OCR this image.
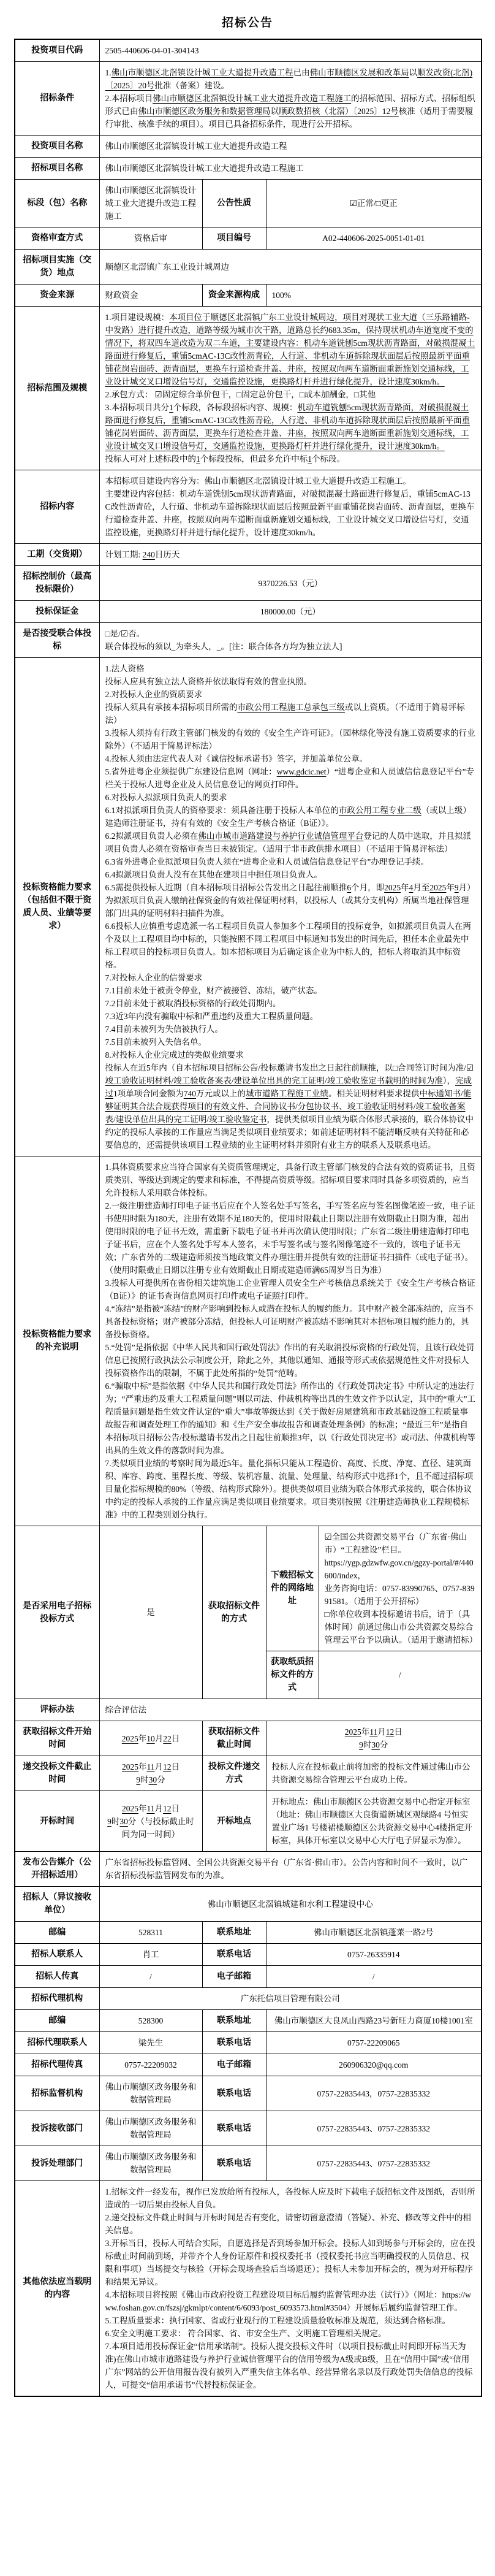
招标公告
投资项目代码	2505-440606-04-01-304143			
招标条件	1.佛山市顺德区北滘镇设计城工业大道提升改造工程已由佛山市顺德区发展和改革局以顺发改资(北滘)〔2025〕20号批准（备案）建设。
2.本招标项目佛山市顺德区北滘镇设计城工业大道提升改造工程施工的招标范围、招标方式、招标组织形式已由佛山市顺德区政务服务和数据管理局以顺政数招核（北滘）〔2025〕12号核准（适用于需要履行审批、核准手续的项目）。项目已具备招标条件，现进行公开招标。			
投资项目名称	佛山市顺德区北滘镇设计城工业大道提升改造工程			
招标项目名称	佛山市顺德区北滘镇设计城工业大道提升改造工程施工			
标段（包）名称	佛山市顺德区北滘镇设计城工业大道提升改造工程施工	公告性质	☑正常/□更正	
资格审查方式	资格后审	项目编号	A02-440606-2025-0051-01-01	
招标项目实施（交货）地点	顺德区北滘镇广东工业设计城周边			
资金来源	财政资金	资金来源构成	100%	
招标范围及规模	1.项目建设规模：本项目位于顺德区北滘镇广东工业设计城周边，项目对现状工业大道（三乐路辅路-中发路）进行提升改造，道路等级为城市次干路，道路总长约683.35m，保持现状机动车道宽度不变的情况下，将双四车道改造为双二车道，主要建设内容：机动车道铣刨5cm现状沥青路面，对破损混凝土路面进行修复后，重铺5cmAC-13C改性沥青砼，人行道、非机动车道拆除现状面层后按照最新平面重铺花岗岩面砖、沥青面层，更换车行道检查井盖、井座，按照双向两车道断面重新施划交通标线，工业设计城交叉口增设信号灯，交通监控设施，更换路灯杆并进行绿化提升，设计速度30km/h。
2.承包方式： ☑固定综合单价包干，□固定总价包干，□成本加酬金，□其他
3.本招标项目共分1个标段，各标段招标内容、规模：机动车道铣刨5cm现状沥青路面，对破损混凝土路面进行修复后，重铺5cmAC-13C改性沥青砼，人行道、非机动车道拆除现状面层后按照最新平面重铺花岗岩面砖、沥青面层，更换车行道检查井盖、井座，按照双向两车道断面重新施划交通标线，工业设计城交叉口增设信号灯，交通监控设施，更换路灯杆并进行绿化提升，设计速度30km/h。
投标人可对上述标段中的1个标段投标，但最多允许中标1个标段。			
招标内容	本招标项目建设内容分为：佛山市顺德区北滘镇设计城工业大道提升改造工程施工。
主要建设内容包括：机动车道铣刨5cm现状沥青路面，对破损混凝土路面进行修复后，重铺5cmAC-13C改性沥青砼，人行道、非机动车道拆除现状面层后按照最新平面重铺花岗岩面砖、沥青面层，更换车行道检查井盖、井座，按照双向两车道断面重新施划交通标线，工业设计城交叉口增设信号灯，交通监控设施，更换路灯杆并进行绿化提升，设计速度30km/h。			
工期（交货期）	计划工期: 240日历天			
招标控制价（最高投标限价）	9370226.53（元）			
投标保证金	180000.00（元）			
是否接受联合体投标	□是/☑否。
联合体投标的须以_为牵头人，_。[注：联合体各方均为独立法人]			
投标资格能力要求（包括但不限于资质人员、业绩等要求）	1.法人资格
投标人应具有独立法人资格并依法取得有效的营业执照。
2.对投标人企业的资质要求
投标人须具有承接本招标项目所需的市政公用工程施工总承包三级或以上资质。（不适用于简易评标法）
3.投标人须持有行政主管部门核发的有效的《安全生产许可证》。（园林绿化等没有施工资质要求的行业除外）（不适用于简易评标法）
4.投标人须由法定代表人对《诚信投标承诺书》签字，并加盖单位公章。
5.省外进粤企业须提供广东建设信息网（网址：www.gdcic.net）“进粤企业和人员诚信信息登记平台”专栏关于投标人进粤企业及人员信息登记的网页打印件。
6.对投标人拟派项目负责人的要求
6.1对拟派项目负责人的资格要求：须具备注册于投标人本单位的市政公用工程专业二级（或以上级）建造师注册证书，持有有效的《安全生产考核合格证（B证）》。
6.2拟派项目负责人必须在佛山市城市道路建设与养护行业诚信管理平台登记的人员中选取，并且拟派项目负责人必须在资格审查当日未被锁定。（适用于非市政供排水项目）（不适用于简易评标法）
6.3省外进粤企业拟派项目负责人须在“进粤企业和人员诚信信息登记平台”办理登记手续。
6.4拟派项目负责人没有在其他在建项目中担任项目负责人。
6.5需提供投标人近期（自本招标项目招标公告发出之日起往前顺推6个月，即2025年4月至2025年9月）为拟派项目负责人缴纳社保资金的有效社保证明材料，以投标人（或其分支机构）所属当地社保管理部门出具的证明材料扫描件为准。
6.6投标人应慎重考虑选派一名工程项目负责人参加多个工程项目的投标竞争，如拟派项目负责人在两个及以上工程项目均中标的，只能按照不同工程项目中标通知书发出的时间先后，担任本企业最先中标工程项目的投标项目负责人。如本招标项目为后确定该企业为中标人的，招标人将取消其中标资格。
7.对投标人企业的信誉要求
7.1目前未处于被责令停业，财产被接管、冻结，破产状态。
7.2目前未处于被取消投标资格的行政处罚期内。
7.3近3年内没有骗取中标和严重违约及重大工程质量问题。
7.4目前未被列为失信被执行人。
7.5目前未被列入失信名单。
8.对投标人企业完成过的类似业绩要求
投标人在近5年内（自本招标项目招标公告/投标邀请书发出之日起往前顺推，以□合同签订时间为准/☑竣工验收证明材料/竣工验收备案表/建设单位出具的完工证明/竣工验收鉴定书载明的时间为准），完成过1项单项合同金额为740万元或以上的城市道路工程施工业绩。相关证明材料要求提供中标通知书/能够证明其合法合规获得项目的有效文件、合同协议书/分包协议书、竣工验收证明材料/竣工验收备案表/建设单位出具的完工证明/竣工验收鉴定书，提供类似项目业绩为联合体形式承接的，联合体协议中约定的投标人承接的工作量应当满足类似项目业绩要求；如前述证明材料不能清晰反映有关特征和必要信息的，还需提供该项目工程业绩的业主证明材料并须附有业主方的联系人及联系电话。
投标资格能力要求的补充说明	1.具体资质要求应当符合国家有关资质管理规定，具备行政主管部门核发的合法有效的资质证书，且资质类别、等级达到规定的要求和标准，不得提高资质等级。招标项目要求同时具备多项资质的，应当允许投标人采用联合体投标。
2.一级注册建造师打印电子证书后应在个人签名处手写签名，手写签名应与签名图像笔迹一致，电子证书使用时限为180天，注册有效期不足180天的，使用时限截止日期以注册有效期截止日期为准，超出使用时限的电子证书无效，需重新下载电子证书并再次确认使用时限；广东省二级注册建造师打印电子证书后，应在个人签名处手写本人签名，未手写签名或与签名图像笔迹不一致的，该电子证书无效；广东省外的二级建造师须按当地政策文件办理注册并提供有效的注册证书扫描件（或电子证书）。（使用时限截止日期以注册专业有效期截止日期或建造师满65周岁当日为准）
3.投标人可提供所在省份相关建筑施工企业管理人员安全生产考核信息系统关于《安全生产考核合格证（B证）》的证书查询信息网页打印件或电子证照打印件。
4.“冻结”是指被“冻结”的财产影响到投标人或潜在投标人的履约能力。其中财产被全部冻结的，应当不具备投标资格；财产被部分冻结，但投标人可证明财产被冻结不影响其对本招标项目履约能力的，具备投标资格。
5.“处罚”是指依据《中华人民共和国行政处罚法》作出的有关取消投标资格的行政处罚，且该行政处罚信息已按照行政执法公示制度公开，除此之外，其他以通知、通报等形式或依据规范性文件对投标人投标资格作出的限制，不属于此处所指的“处罚”范畴。
6.“骗取中标”是指依据《中华人民共和国行政处罚法》所作出的《行政处罚决定书》中所认定的违法行为；“严重违约及重大工程质量问题”则以司法、仲裁机构等出具的生效文件予以认定，其中的“重大”工程质量问题是指生效文件认定的“重大”事故等级达到《关于做好房屋建筑和市政基础设施工程质量事故报告和调查处理工作的通知》和《生产安全事故报告和调查处理条例》的标准；“最近三年”是指自本招标项目招标公告/投标邀请书发出之日起往前顺推3年，以《行政处罚决定书》或司法、仲裁机构等出具的生效文件的落款时间为准。
7.类似项目业绩的考察时间为最近5年。量化指标只能从工程造价、高度、长度、净宽、直径、建筑面积、库容、跨度、里程长度、等级、装机容量、流量、处理量、结构形式中选择1个，且不超过招标项目量化指标规模的80%（等级、结构形式除外）。提供类似项目业绩为联合体形式承接的，联合体协议中约定的投标人承接的工作量应满足类似项目业绩要求。项目类别按照《注册建造师执业工程规模标准》中的工程类别划分执行。
是否采用电子招标投标方式	是	获取招标文件的方式	下载招标文件的网络地址	☑全国公共资源交易平台（广东省·佛山市）“工程建设”栏目。
https://ygp.gdzwfw.gov.cn/ggzy-portal/#/440600/index，
业务咨询电话：0757-83990765、0757-83991581。（适用于公开招标）
□你单位收到本投标邀请书后，请于（具体时间）前通过佛山市公共资源交易综合管理云平台予以确认。（适用于邀请招标）
			获取纸质招标文件的方式	/
评标办法	综合评估法			
获取招标文件开始时间	2025年10月22日	获取招标文件截止时间	2025年11月12日
9时30分	
递交投标文件截止时间	2025年11月12日
9时30分	投标文件递交方式	投标人应在投标截止前将加密的投标文件通过佛山市公共资源交易综合管理云平台成功上传。	
开标时间	2025年11月12日
9时30分（与投标截止时间为同一时间）	开标地点	开标地点：佛山市顺德区公共资源交易中心指定开标室（地址：佛山市顺德区大良街道新城区观绿路4 号恒实置业广场1 号楼裙楼顺德区公共资源交易中心4楼指定开标室，具体开标室以交易中心大厅电子屏显示为准）。	
发布公告媒介（公开招标适用）	广东省招标投标监管网、全国公共资源交易平台（广东省·佛山市）。公告内容和时间不一致时，以广东省招标投标监管网发布的为准。			
招标人（异议接收单位）	佛山市顺德区北滘镇城建和水利工程建设中心			
邮编	528311	联系地址	佛山市顺德区北滘镇蓬莱一路2号	
招标人联系人	肖工	联系电话	0757-26335914	
招标人传真	/	电子邮箱	/	
招标代理机构	广东托信项目管理有限公司			
邮编	528300	联系地址	佛山市顺德区大良凤山西路23号新旺力商厦10楼1001室	
招标代理联系人	梁先生	联系电话	0757-22209065	
招标代理传真	0757-22209032	电子邮箱	260906320@qq.com	
招标监督机构	佛山市顺德区政务服务和数据管理局	联系电话	0757-22835443，0757-22835332	
投诉接收部门	佛山市顺德区政务服务和数据管理局	联系电话	0757-22835443、0757-22835332	
投诉处理部门	佛山市顺德区政务服务和数据管理局	联系电话	0757-22835443、0757-22835332	
其他依法应当载明的内容	1.招标文件一经发布，视作已发放给所有投标人，各投标人应及时下载电子版招标文件及图纸，否则所造成的一切后果由投标人自负。
2.递交投标文件截止时间与开标时间是否有变化，请密切留意澄清（答疑）、补充、修改等文件中的相关信息。
3.开标当日，投标人可结合实际，自愿选择是否到场参加开标会。投标人如到场参与开标会的，应在投标截止时间前到场，并带齐个人身份证原件和授权委托书（授权委托书应当明确授权的人员信息、权限和事项）当场提交与核验（开标会现场查验后当场退还）；投标人未参加开标会的，视为对开标程序和结果无异议。
4.本招标项目将按照《佛山市政府投资工程建设项目标后履约监督管理办法（试行）》（网址：https://www.foshan.gov.cn/fszsj/gkmlpt/content/6/6093/post_6093573.html#3504）开展标后履约监督管理工作。
5.工程质量要求：执行国家、省或行业现行的工程建设质量验收标准及规范，须达到合格标准。
6.安全文明施工要求： 符合国家、省、市安全生产、文明施工管理相关规定。
7.本项目适用投标保证金“信用承诺制”。投标人提交投标文件时（以项目投标截止时间即开标当天为准)在佛山市城市道路建设与养护行业诚信管理平台的信用等级为A级或B级，且在“信用中国”或“信用广东”网站的公开信用报告没有被列入严重失信主体名单、经营异常名录以及行政处罚失信信息的投标人，可提交“信用承诺书”代替投标保证金。
